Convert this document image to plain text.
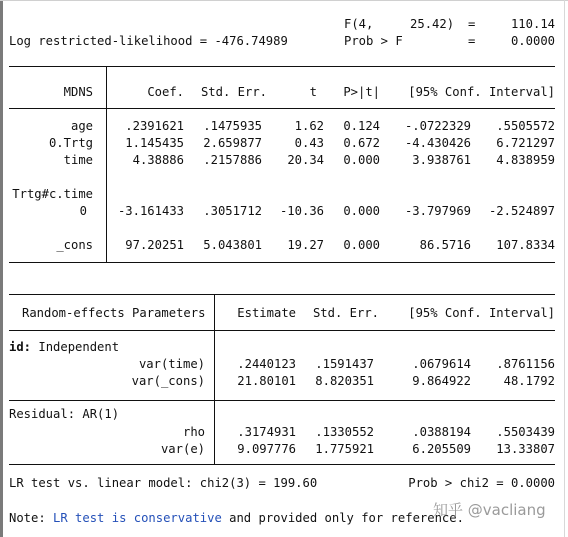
F(4,     25.42) =	110.14
Log restricted-likelihood = -476.74989	Prob > F	=	0.0000
MDNS	Coef.	Std. Err.	t	P>|t|	[95% Conf. Interval]
age	.2391621	.1475935	1.62	0.124	-.0722329	.5505572
0.Trtg	1.145435	2.659877	0.43	0.672	-4.430426	6.721297
time	4.38886	.2157886	20.34	0.000	3.938761	4.838959
Trtg#c.time
0	-3.161433	.3051712	-10.36	0.000	-3.797969	-2.524897
_cons	97.20251	5.043801	19.27	0.000	86.5716	107.8334
Random-effects Parameters	Estimate	Std. Err.	[95% Conf. Interval]
id: Independent
var(time)	.2440123	.1591437	.0679614	.8761156
var(_cons)	21.80101	8.820351	9.864922	48.1792
Residual: AR(1)
rho	.3174931	.1330552	.0388194	.5503439
var(e)	9.097776	1.775921	6.205509	13.33807
LR test vs. linear model: chi2(3) = 199.60	Prob > chi2 = 0.0000
Note: LR test is conservative and provided only for reference.
知乎 @vacliang
